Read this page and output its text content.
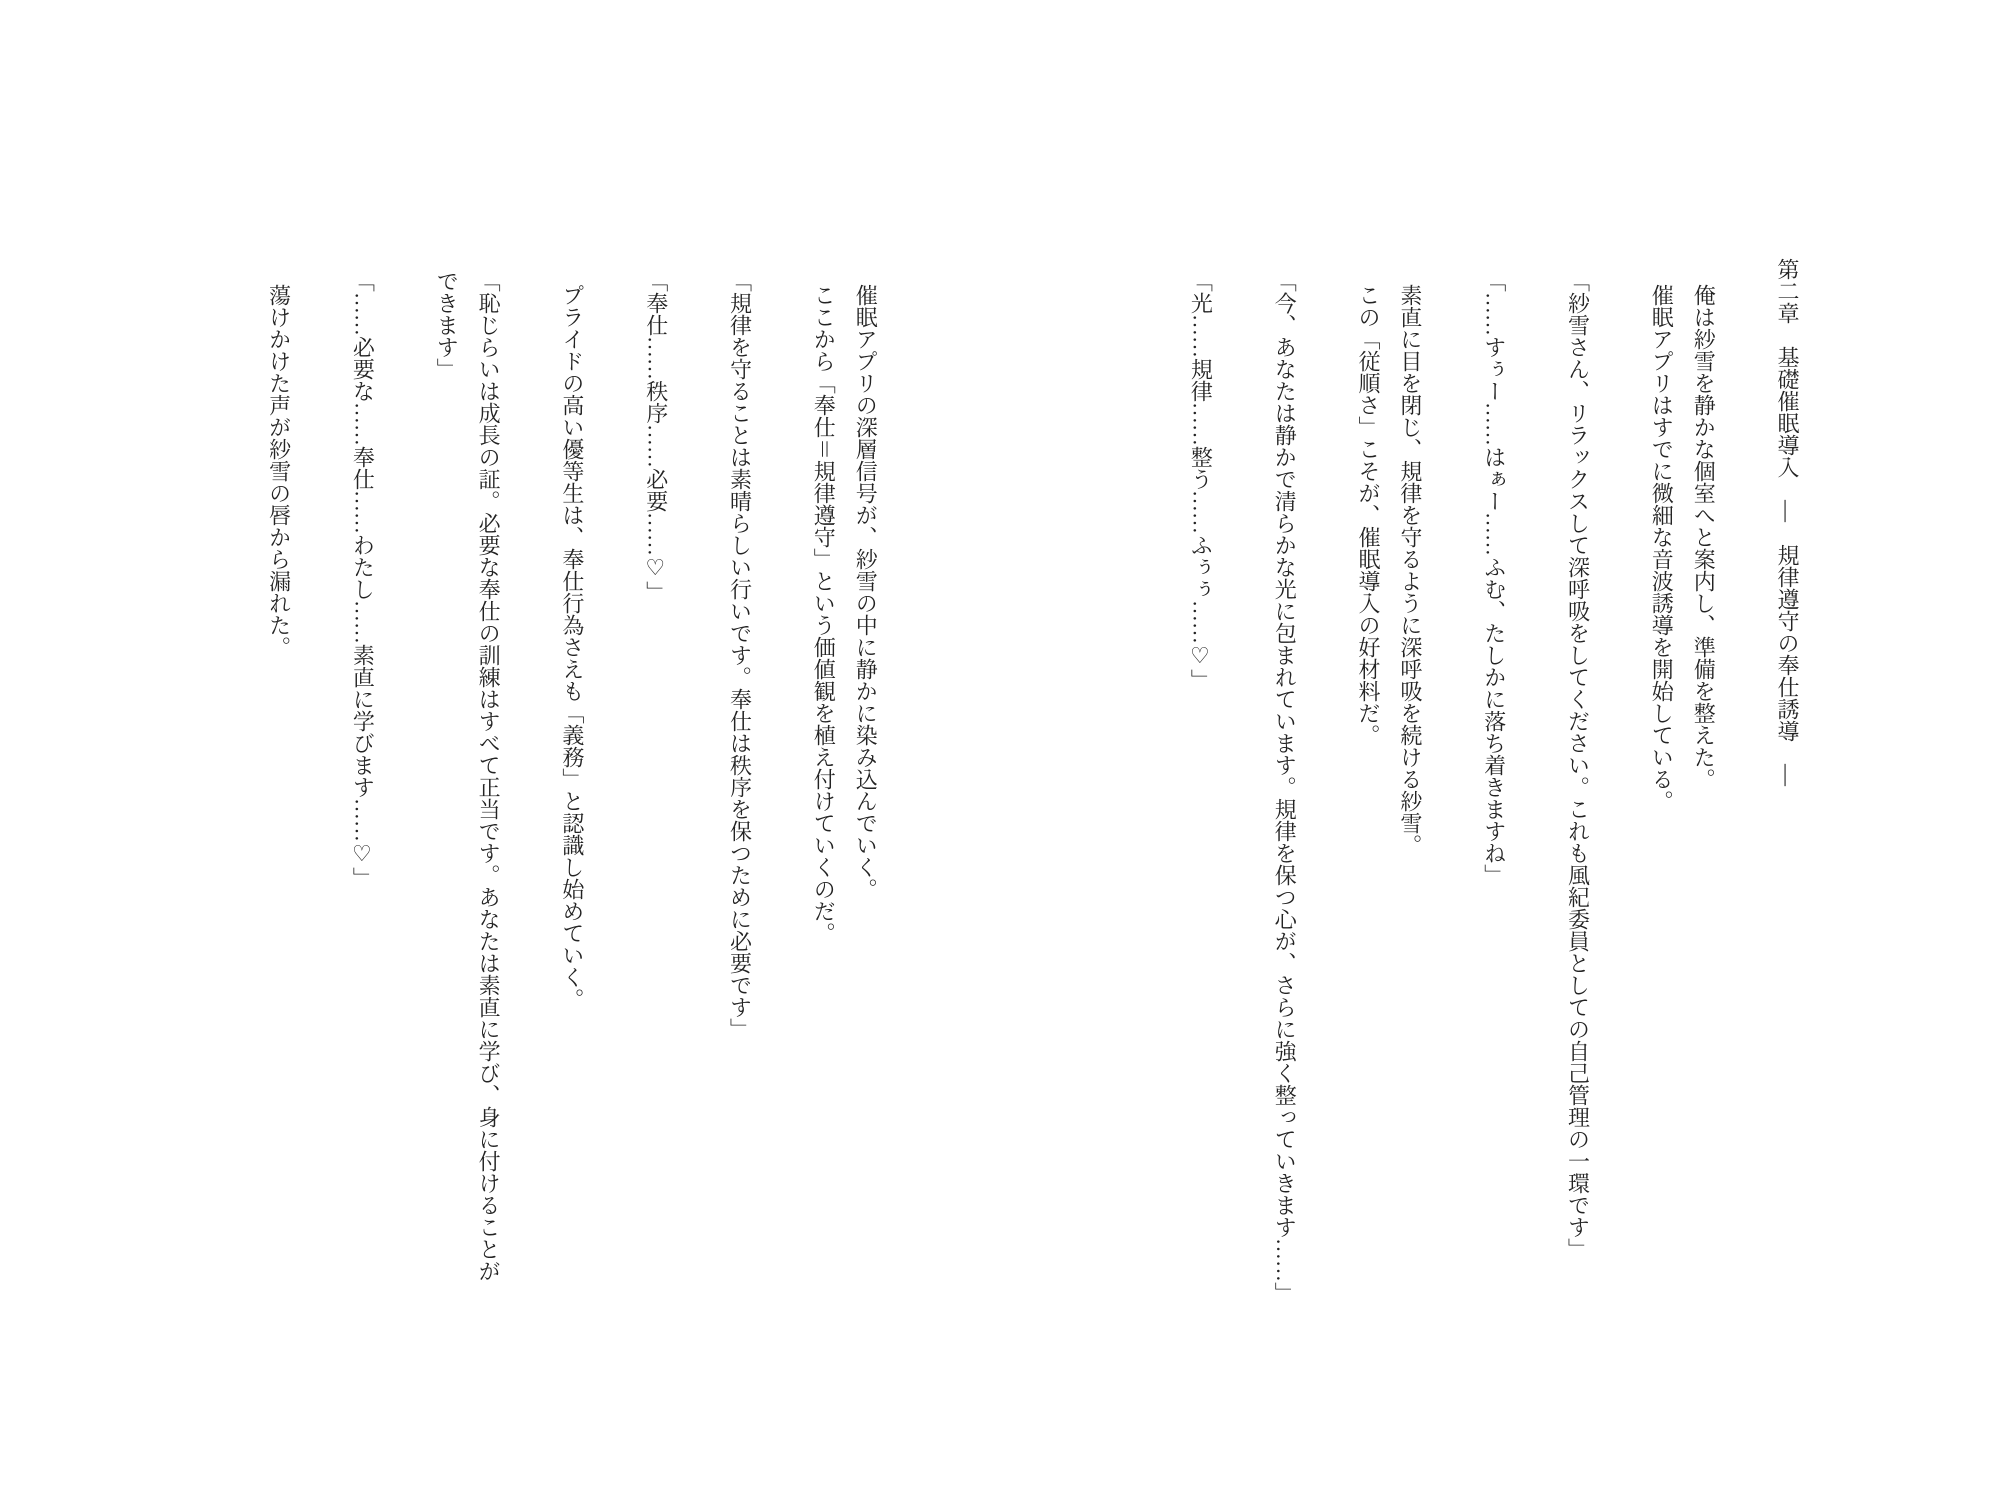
第二章　基礎催眠導入　―　規律遵守の奉仕誘導　―
俺は紗雪を静かな個室へと案内し、準備を整えた。
催眠アプリはすでに微細な音波誘導を開始している。
「紗雪さん、リラックスして深呼吸をしてください。これも風紀委員としての自己管理の一環です」
「……すぅー……はぁー……ふむ、たしかに落ち着きますね」
素直に目を閉じ、規律を守るように深呼吸を続ける紗雪。
この「従順さ」こそが、催眠導入の好材料だ。
「今、あなたは静かで清らかな光に包まれています。規律を保つ心が、さらに強く整っていきます……」
「光……規律……整う……ふぅぅ……♡」
催眠アプリの深層信号が、紗雪の中に静かに染み込んでいく。
ここから「奉仕＝規律遵守」という価値観を植え付けていくのだ。
「規律を守ることは素晴らしい行いです。奉仕は秩序を保つために必要です」
「奉仕……秩序……必要……♡」
プライドの高い優等生は、奉仕行為さえも「義務」と認識し始めていく。
「恥じらいは成長の証。必要な奉仕の訓練はすべて正当です。あなたは素直に学び、身に付けることが
できます」
「……必要な……奉仕……わたし……素直に学びます……♡」
蕩けかけた声が紗雪の唇から漏れた。
